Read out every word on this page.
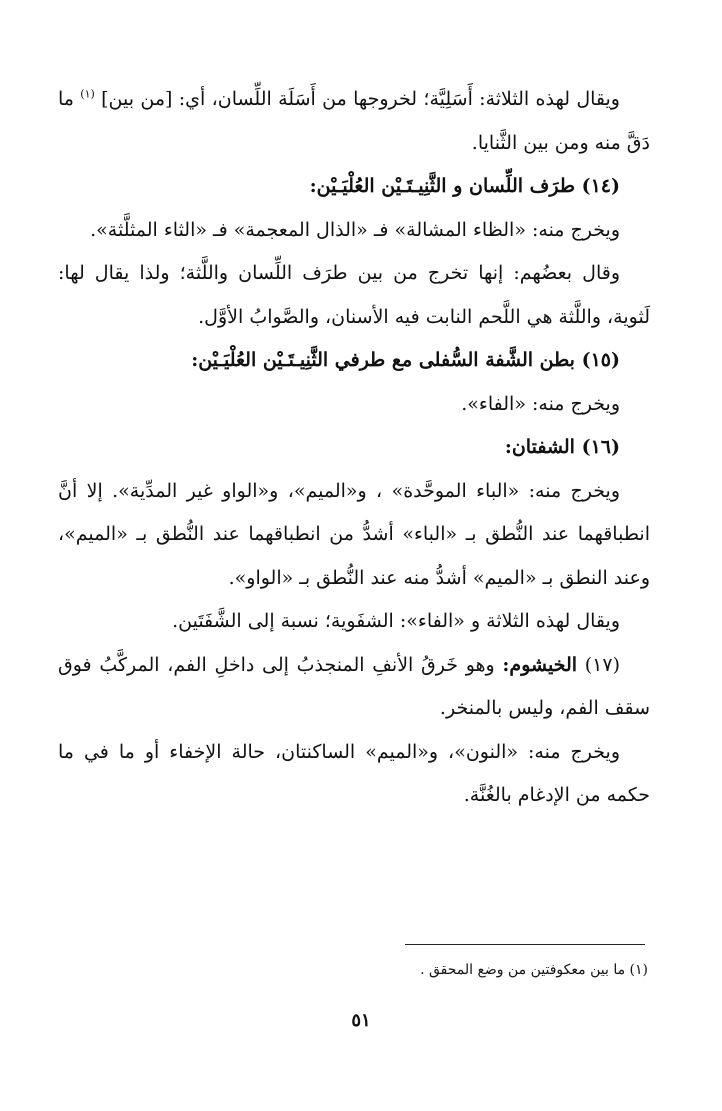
ويقال لهذه الثلاثة: أَسَلِيَّة؛ لخروجها من أَسَلَة اللِّسان، أي: [من بين] $^{(١)}$ ما دَقَّ منه ومن بين الثَّنايا.

(١٤) طرَف اللِّسان و الثَّنِيـتَـيْن العُلْيَـيْن:

ويخرج منه: «الظاء المشالة» فـ «الذال المعجمة» فـ «الثاء المثلَّثة».

وقال بعضُهم: إنها تخرج من بين طرَف اللِّسان واللَّثة؛ ولذا يقال لها: لَثوية، واللَّثة هي اللَّحم النابت فيه الأسنان، والصَّوابُ الأوَّل.

(١٥) بطن الشَّفة السُّفلى مع طرفي الثَّنِيـتَـيْن العُلْيَـيْن:

ويخرج منه: «الفاء».

(١٦) الشفتان:

ويخرج منه: «الباء الموحَّدة» ، و«الميم»، و«الواو غير المدِّية». إلا أنَّ انطباقهما عند النُّطق بـ «الباء» أشدُّ من انطباقهما عند النُّطق بـ «الميم»، وعند النطق بـ «الميم» أشدُّ منه عند النُّطق بـ «الواو».

ويقال لهذه الثلاثة و «الفاء»: الشفَوية؛ نسبة إلى الشَّفَتَين.

(١٧) الخيشوم: وهو خَرقُ الأنفِ المنجذبُ إلى داخلِ الفم، المركَّبُ فوق سقف الفم، وليس بالمنخر.

ويخرج منه: «النون»، و«الميم» الساكنتان، حالة الإخفاء أو ما في ما حكمه من الإدغام بالغُنَّة.

(١) ما بين معكوفتين من وضع المحقق .
٥١
